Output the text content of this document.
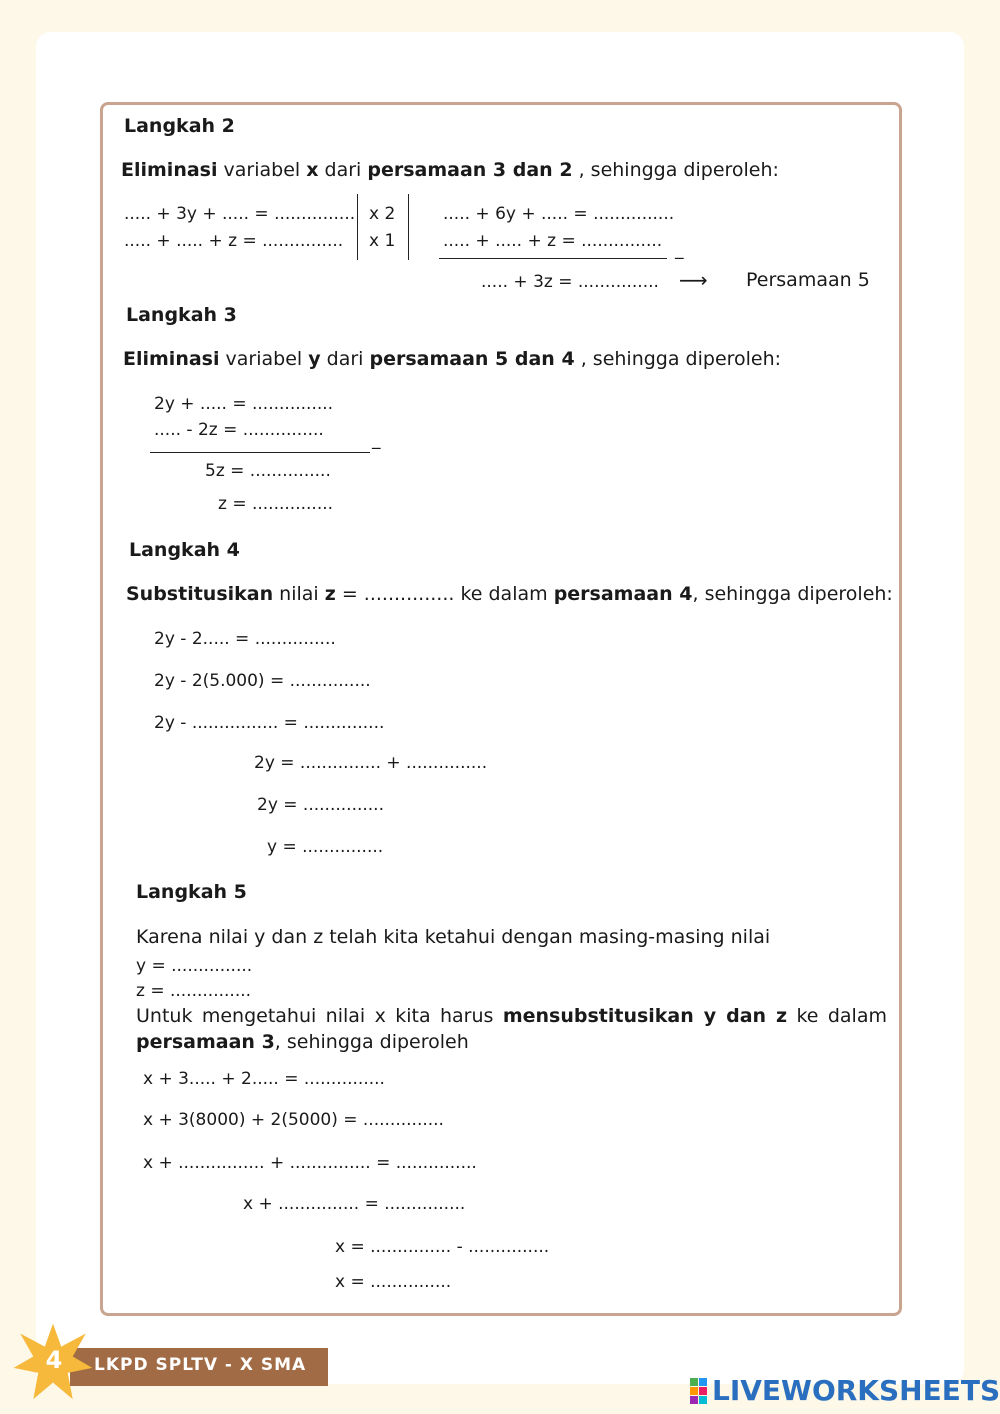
Langkah 2
Eliminasi variabel x dari persamaan 3 dan 2 , sehingga diperoleh:
..... + 3y + ..... = ...............
..... + ..... + z = ...............
x 2
x 1
..... + 6y + ..... = ...............
..... + ..... + z = ............... _
..... + 3z = ............... ⟶ Persamaan 5
Langkah 3
Eliminasi variabel y dari persamaan 5 dan 4 , sehingga diperoleh:
2y + ..... = ...............
..... - 2z = ...............	_
5z = ...............
z = ...............
Langkah 4
Substitusikan nilai z = ............... ke dalam persamaan 4, sehingga diperoleh:
2y - 2..... = ...............
2y - 2(5.000) = ...............
2y - ................ = ...............
2y = ............... + ...............
2y = ...............
y = ...............
Langkah 5
Karena nilai y dan z telah kita ketahui dengan masing-masing nilai
y = ...............
z = ...............
Untuk mengetahui nilai x kita harus mensubstitusikan y dan z ke dalam
persamaan 3, sehingga diperoleh
x + 3..... + 2..... = ...............
x + 3(8000) + 2(5000) = ...............
x + ................ + ............... = ...............
x + ............... = ...............
x = ............... - ...............
x = ...............
4	LKPD SPLTV - X SMA
LIVEWORKSHEETS
